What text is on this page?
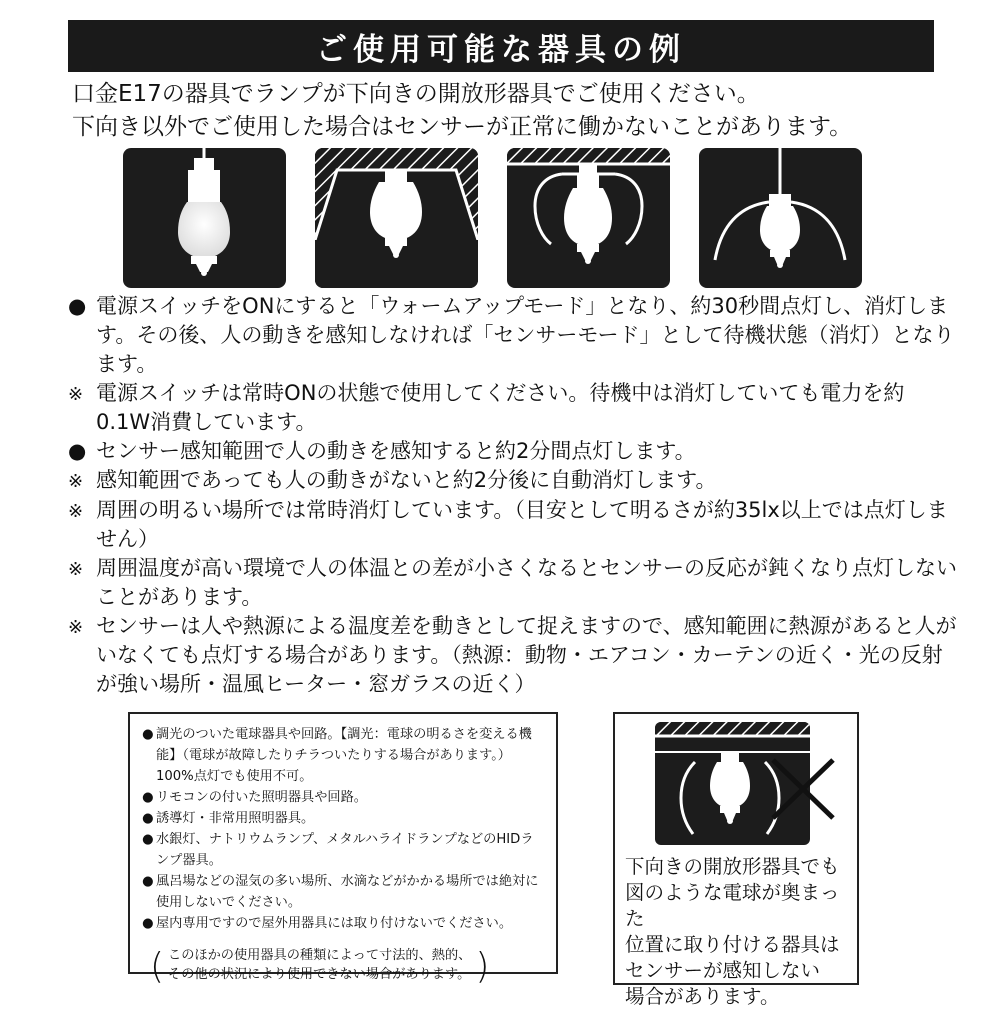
ご使用可能な器具の例
口金E17の器具でランプが下向きの開放形器具でご使用ください。
下向き以外でご使用した場合はセンサーが正常に働かないことがあります。
● 電源スイッチをONにすると「ウォームアップモード」となり、約30秒間点灯し、消灯します。その後、人の動きを感知しなければ「センサーモード」として待機状態（消灯）となります。
※ 電源スイッチは常時ONの状態で使用してください。待機中は消灯していても電力を約0.1W消費しています。
● センサー感知範囲で人の動きを感知すると約2分間点灯します。
※ 感知範囲であっても人の動きがないと約2分後に自動消灯します。
※ 周囲の明るい場所では常時消灯しています。（目安として明るさが約35lx以上では点灯しません）
※ 周囲温度が高い環境で人の体温との差が小さくなるとセンサーの反応が鈍くなり点灯しないことがあります。
※ センサーは人や熱源による温度差を動きとして捉えますので、感知範囲に熱源があると人がいなくても点灯する場合があります。（熱源：動物・エアコン・カーテンの近く・光の反射が強い場所・温風ヒーター・窓ガラスの近く）
● 調光のついた電球器具や回路。【調光：電球の明るさを変える機能】（電球が故障したりチラついたりする場合があります。）100%点灯でも使用不可。
● リモコンの付いた照明器具や回路。
● 誘導灯・非常用照明器具。
● 水銀灯、ナトリウムランプ、メタルハライドランプなどのHIDランプ器具。
● 風呂場などの湿気の多い場所、水滴などがかかる場所では絶対に使用しないでください。
● 屋内専用ですので屋外用器具には取り付けないでください。
( このほかの使用器具の種類によって寸法的、熱的、
その他の状況により使用できない場合があります。 )
下向きの開放形器具でも
図のような電球が奥まった
位置に取り付ける器具は
センサーが感知しない
場合があります。
